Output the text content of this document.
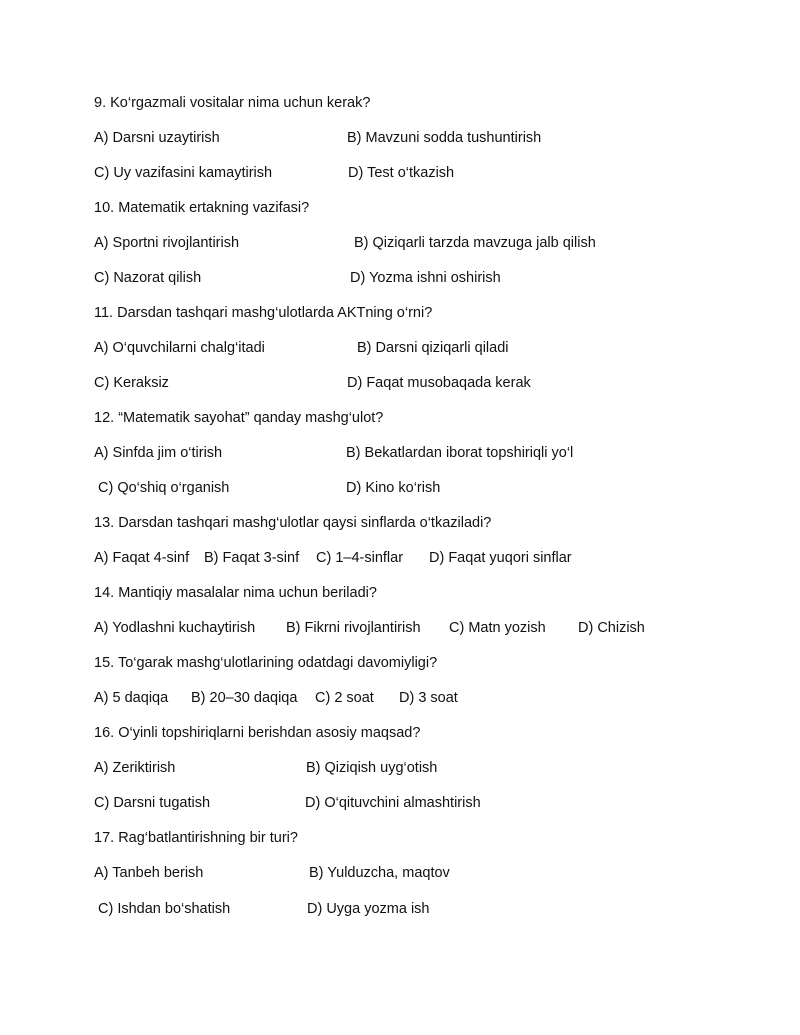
9. Ko‘rgazmali vositalar nima uchun kerak?
A) Darsni uzaytirish	B) Mavzuni sodda tushuntirish
C) Uy vazifasini kamaytirish	D) Test o‘tkazish
10. Matematik ertakning vazifasi?
A) Sportni rivojlantirish	B) Qiziqarli tarzda mavzuga jalb qilish
C) Nazorat qilish	D) Yozma ishni oshirish
11. Darsdan tashqari mashg‘ulotlarda AKTning o‘rni?
A) O‘quvchilarni chalg‘itadi	B) Darsni qiziqarli qiladi
C) Keraksiz	D) Faqat musobaqada kerak
12. “Matematik sayohat” qanday mashg‘ulot?
A) Sinfda jim o‘tirish	B) Bekatlardan iborat topshiriqli yo‘l
C) Qo‘shiq o‘rganish	D) Kino ko‘rish
13. Darsdan tashqari mashg‘ulotlar qaysi sinflarda o‘tkaziladi?
A) Faqat 4-sinf B) Faqat 3-sinf C) 1–4-sinflar D) Faqat yuqori sinflar
14. Mantiqiy masalalar nima uchun beriladi?
A) Yodlashni kuchaytirish B) Fikrni rivojlantirish C) Matn yozish D) Chizish
15. To‘garak mashg‘ulotlarining odatdagi davomiyligi?
A) 5 daqiqa B) 20–30 daqiqa C) 2 soat D) 3 soat
16. O‘yinli topshiriqlarni berishdan asosiy maqsad?
A) Zeriktirish	B) Qiziqish uyg‘otish
C) Darsni tugatish	D) O‘qituvchini almashtirish
17. Rag‘batlantirishning bir turi?
A) Tanbeh berish	B) Yulduzcha, maqtov
C) Ishdan bo‘shatish	D) Uyga yozma ish
